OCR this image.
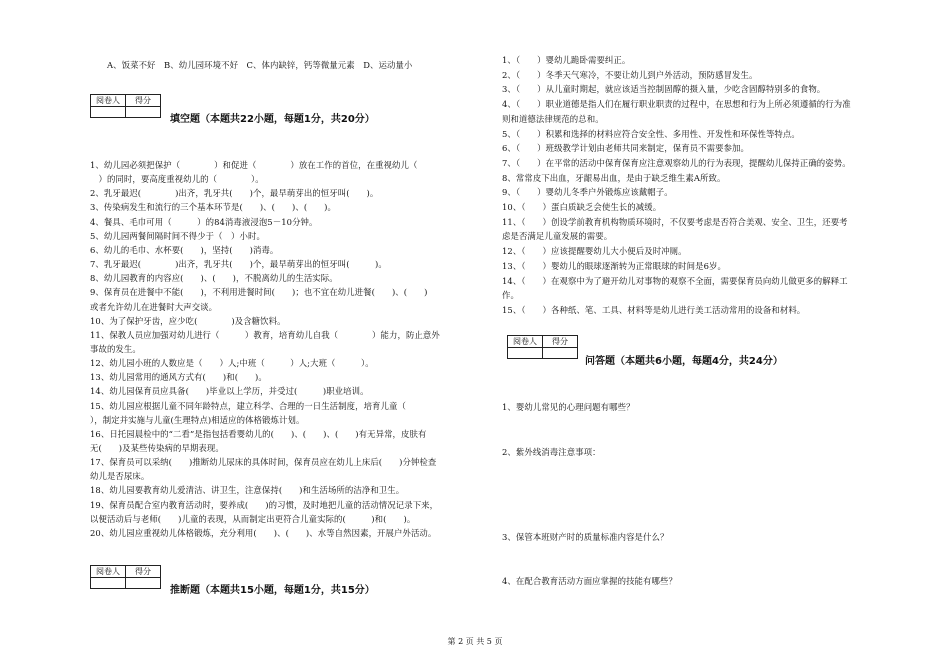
A、饭菜不好　B、幼儿园环境不好　C、体内缺锌，钙等微量元素　D、运动量小
阅卷人	得分

填空题（本题共22小题，每题1分，共20分）
1、幼儿园必须把保护（　　　　）和促进（　　　　）放在工作的首位，在重视幼儿（
　）的同时，要高度重视幼儿的（　　　　）。
2、乳牙最迟(　　　　)出齐，乳牙共(　　)个，最早萌芽出的恒牙叫(　　)。
3、传染病发生和流行的三个基本环节是(　　)、(　　)、(　　)。
4、餐具、毛巾可用（　　　）的84消毒液浸泡5－10分钟。
5、幼儿园两餐间隔时间不得少于（　）小时。
6、幼儿的毛巾、水杯要(　　)，坚持(　　)消毒。
7、乳牙最迟(　　　　)出齐，乳牙共(　　)个，最早萌芽出的恒牙叫(　　　)。
8、幼儿园教育的内容应(　　)、(　　)，不脱离幼儿的生活实际。
9、保育员在进餐中不能(　　)，不利用进餐时间(　　)；也不宜在幼儿进餐(　　)、(　　)
或者允许幼儿在进餐时大声交谈。
10、为了保护牙齿，应少吃(　　　　)及含糖饮料。
11、保教人员应加强对幼儿进行（　　　）教育，培育幼儿自我（　　　　）能力，防止意外
事故的发生。
12、幼儿园小班的人数应是（　　）人;中班（　　　）人;大班（　　　）。
13、幼儿园常用的通风方式有(　　)和(　　)。
14、幼儿园保育员应具备(　　)毕业以上学历，并受过(　　　)职业培训。
15、幼儿园应根据儿童不同年龄特点，建立科学、合理的一日生活制度，培育儿童（　　　　
），制定并实施与儿童(生理特点)相适应的体格锻炼计划。
16、日托园晨检中的“二看”是指包括看婴幼儿的(　　)、(　　)、(　　)有无异常，皮肤有
无(　　)及某些传染病的早期表现。
17、保育员可以采纳(　　)推断幼儿尿床的具体时间，保育员应在幼儿上床后(　　)分钟检查
幼儿是否尿床。
18、幼儿园要教育幼儿爱清洁、讲卫生，注意保持(　　)和生活场所的洁净和卫生。
19、保育员配合室内教育活动时，要养成(　　)的习惯，及时地把儿童的活动情况记录下来，
以便活动后与老师(　　)儿童的表现，从而制定出更符合儿童实际的(　　　)和(　　)。
20、幼儿园应重视幼儿体格锻炼，充分利用(　　)、(　　)、水等自然因素，开展户外活动。
阅卷人	得分

推断题（本题共15小题，每题1分，共15分）
1、（　　）婴幼儿跪卧需要纠正。
2、（　　）冬季天气寒冷，不要让幼儿到户外活动，预防感冒发生。
3、（　　）从儿童时期起，就应该适当控制固醇的摄入量，少吃含固醇特别多的食物。
4、（　　）职业道德是指人们在履行职业职责的过程中，在思想和行为上所必须遵循的行为准
则和道德法律规范的总和。
5、（　　）积累和选择的材料应符合安全性、多用性、开发性和环保性等特点。
6、（　　）班级教学计划由老师共同来制定，保育员不需要参加。
7、（　　）在平常的活动中保育保育应注意观察幼儿的行为表现，提醒幼儿保持正确的姿势。
8、常常皮下出血，牙龈易出血，是由于缺乏维生素A所致。
9、（　　）婴幼儿冬季户外锻炼应该戴帽子。
10、（　　）蛋白质缺乏会使生长的减缓。
11、（　　）创设学前教育机构物质环境时，不仅要考虑是否符合美观、安全、卫生，还要考
虑是否满足儿童发展的需要。
12、（　　）应该提醒婴幼儿大小便后及时冲厕。
13、（　　）婴幼儿的眼球逐渐转为正常眼球的时间是6岁。
14、（　　）在观察中为了避开幼儿对事物的观察不全面，需要保育员向幼儿做更多的解释工
作。
15、（　　）各种纸、笔、工具、材料等是幼儿进行美工活动常用的设备和材料。
阅卷人	得分

问答题（本题共6小题，每题4分，共24分）
1、婴幼儿常见的心理问题有哪些？
2、紫外线消毒注意事项：
3、保管本班财产时的质量标准内容是什么？
4、在配合教育活动方面应掌握的技能有哪些？
第 2 页 共 5 页
